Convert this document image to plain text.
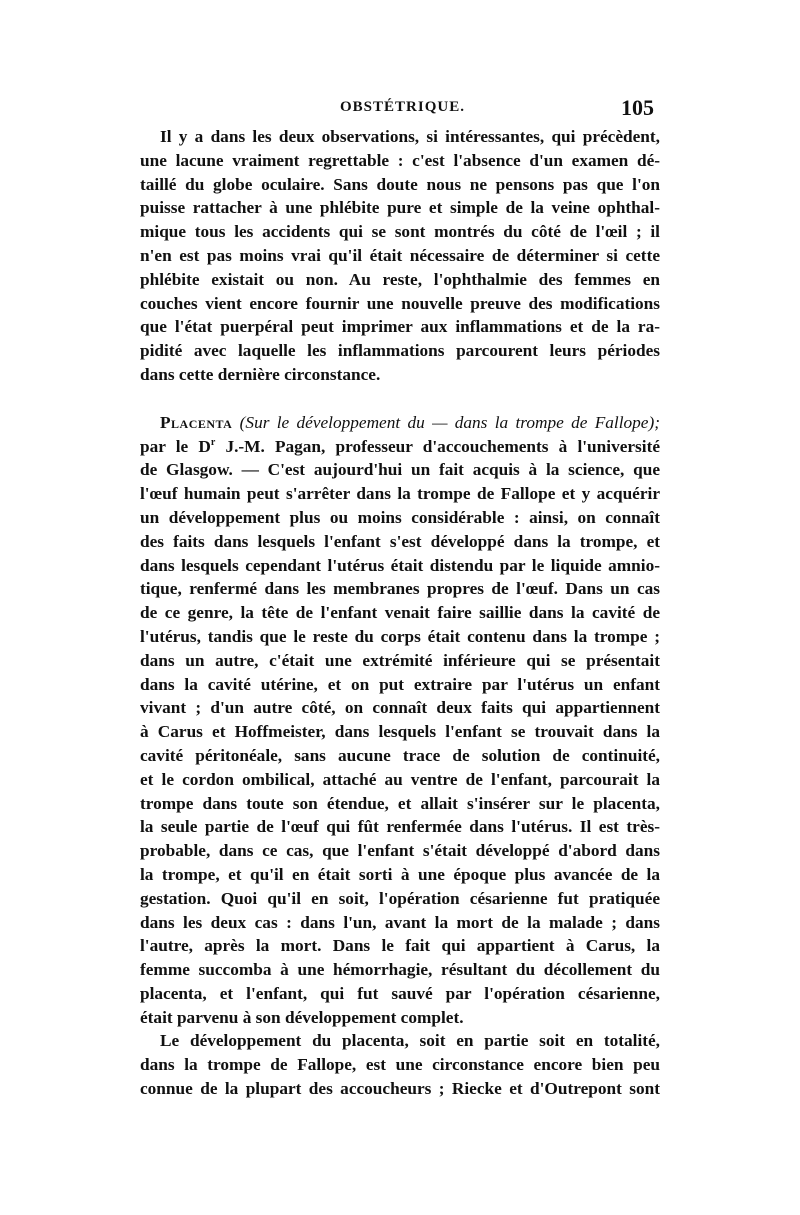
OBSTÉTRIQUE.	105
Il y a dans les deux observations, si intéressantes, qui précèdent,
une lacune vraiment regrettable : c'est l'absence d'un examen dé-
taillé du globe oculaire. Sans doute nous ne pensons pas que l'on
puisse rattacher à une phlébite pure et simple de la veine ophthal-
mique tous les accidents qui se sont montrés du côté de l'œil ; il
n'en est pas moins vrai qu'il était nécessaire de déterminer si cette
phlébite existait ou non. Au reste, l'ophthalmie des femmes en
couches vient encore fournir une nouvelle preuve des modifications
que l'état puerpéral peut imprimer aux inflammations et de la ra-
pidité avec laquelle les inflammations parcourent leurs périodes
dans cette dernière circonstance.
Placenta (Sur le développement du — dans la trompe de Fallope);
par le $D^r$ J.-M. Pagan, professeur d'accouchements à l'université
de Glasgow. — C'est aujourd'hui un fait acquis à la science, que
l'œuf humain peut s'arrêter dans la trompe de Fallope et y acquérir
un développement plus ou moins considérable : ainsi, on connaît
des faits dans lesquels l'enfant s'est développé dans la trompe, et
dans lesquels cependant l'utérus était distendu par le liquide amnio-
tique, renfermé dans les membranes propres de l'œuf. Dans un cas
de ce genre, la tête de l'enfant venait faire saillie dans la cavité de
l'utérus, tandis que le reste du corps était contenu dans la trompe ;
dans un autre, c'était une extrémité inférieure qui se présentait
dans la cavité utérine, et on put extraire par l'utérus un enfant
vivant ; d'un autre côté, on connaît deux faits qui appartiennent
à Carus et Hoffmeister, dans lesquels l'enfant se trouvait dans la
cavité péritonéale, sans aucune trace de solution de continuité,
et le cordon ombilical, attaché au ventre de l'enfant, parcourait la
trompe dans toute son étendue, et allait s'insérer sur le placenta,
la seule partie de l'œuf qui fût renfermée dans l'utérus. Il est très-
probable, dans ce cas, que l'enfant s'était développé d'abord dans
la trompe, et qu'il en était sorti à une époque plus avancée de la
gestation. Quoi qu'il en soit, l'opération césarienne fut pratiquée
dans les deux cas : dans l'un, avant la mort de la malade ; dans
l'autre, après la mort. Dans le fait qui appartient à Carus, la
femme succomba à une hémorrhagie, résultant du décollement du
placenta, et l'enfant, qui fut sauvé par l'opération césarienne,
était parvenu à son développement complet.
Le développement du placenta, soit en partie soit en totalité,
dans la trompe de Fallope, est une circonstance encore bien peu
connue de la plupart des accoucheurs ; Riecke et d'Outrepont sont
